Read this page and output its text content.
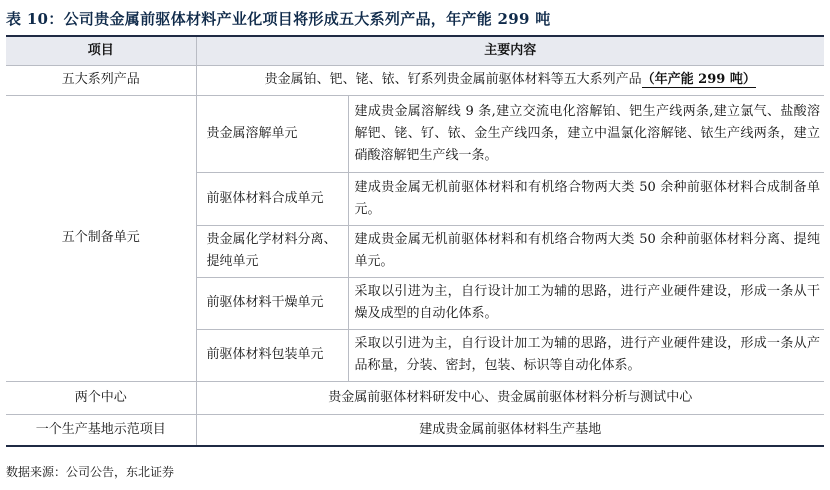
表 10：公司贵金属前驱体材料产业化项目将形成五大系列产品，年产能 299 吨
项目	主要内容	
五大系列产品	贵金属铂、钯、铑、铱、钌系列贵金属前驱体材料等五大系列产品（年产能 299 吨）	
五个制备单元	贵金属溶解单元	建成贵金属溶解线 9 条,建立交流电化溶解铂、钯生产线两条,建立氯气、盐酸溶解钯、铑、钌、铱、金生产线四条，建立中温氯化溶解铑、铱生产线两条，建立硝酸溶解钯生产线一条。
	前驱体材料合成单元	建成贵金属无机前驱体材料和有机络合物两大类 50 余种前驱体材料合成制备单元。
	贵金属化学材料分离、提纯单元	建成贵金属无机前驱体材料和有机络合物两大类 50 余种前驱体材料分离、提纯单元。
	前驱体材料干燥单元	采取以引进为主，自行设计加工为辅的思路，进行产业硬件建设，形成一条从干燥及成型的自动化体系。
	前驱体材料包装单元	采取以引进为主，自行设计加工为辅的思路，进行产业硬件建设，形成一条从产品称量，分装、密封，包装、标识等自动化体系。
两个中心	贵金属前驱体材料研发中心、贵金属前驱体材料分析与测试中心	
一个生产基地示范项目	建成贵金属前驱体材料生产基地	
数据来源：公司公告，东北证券
